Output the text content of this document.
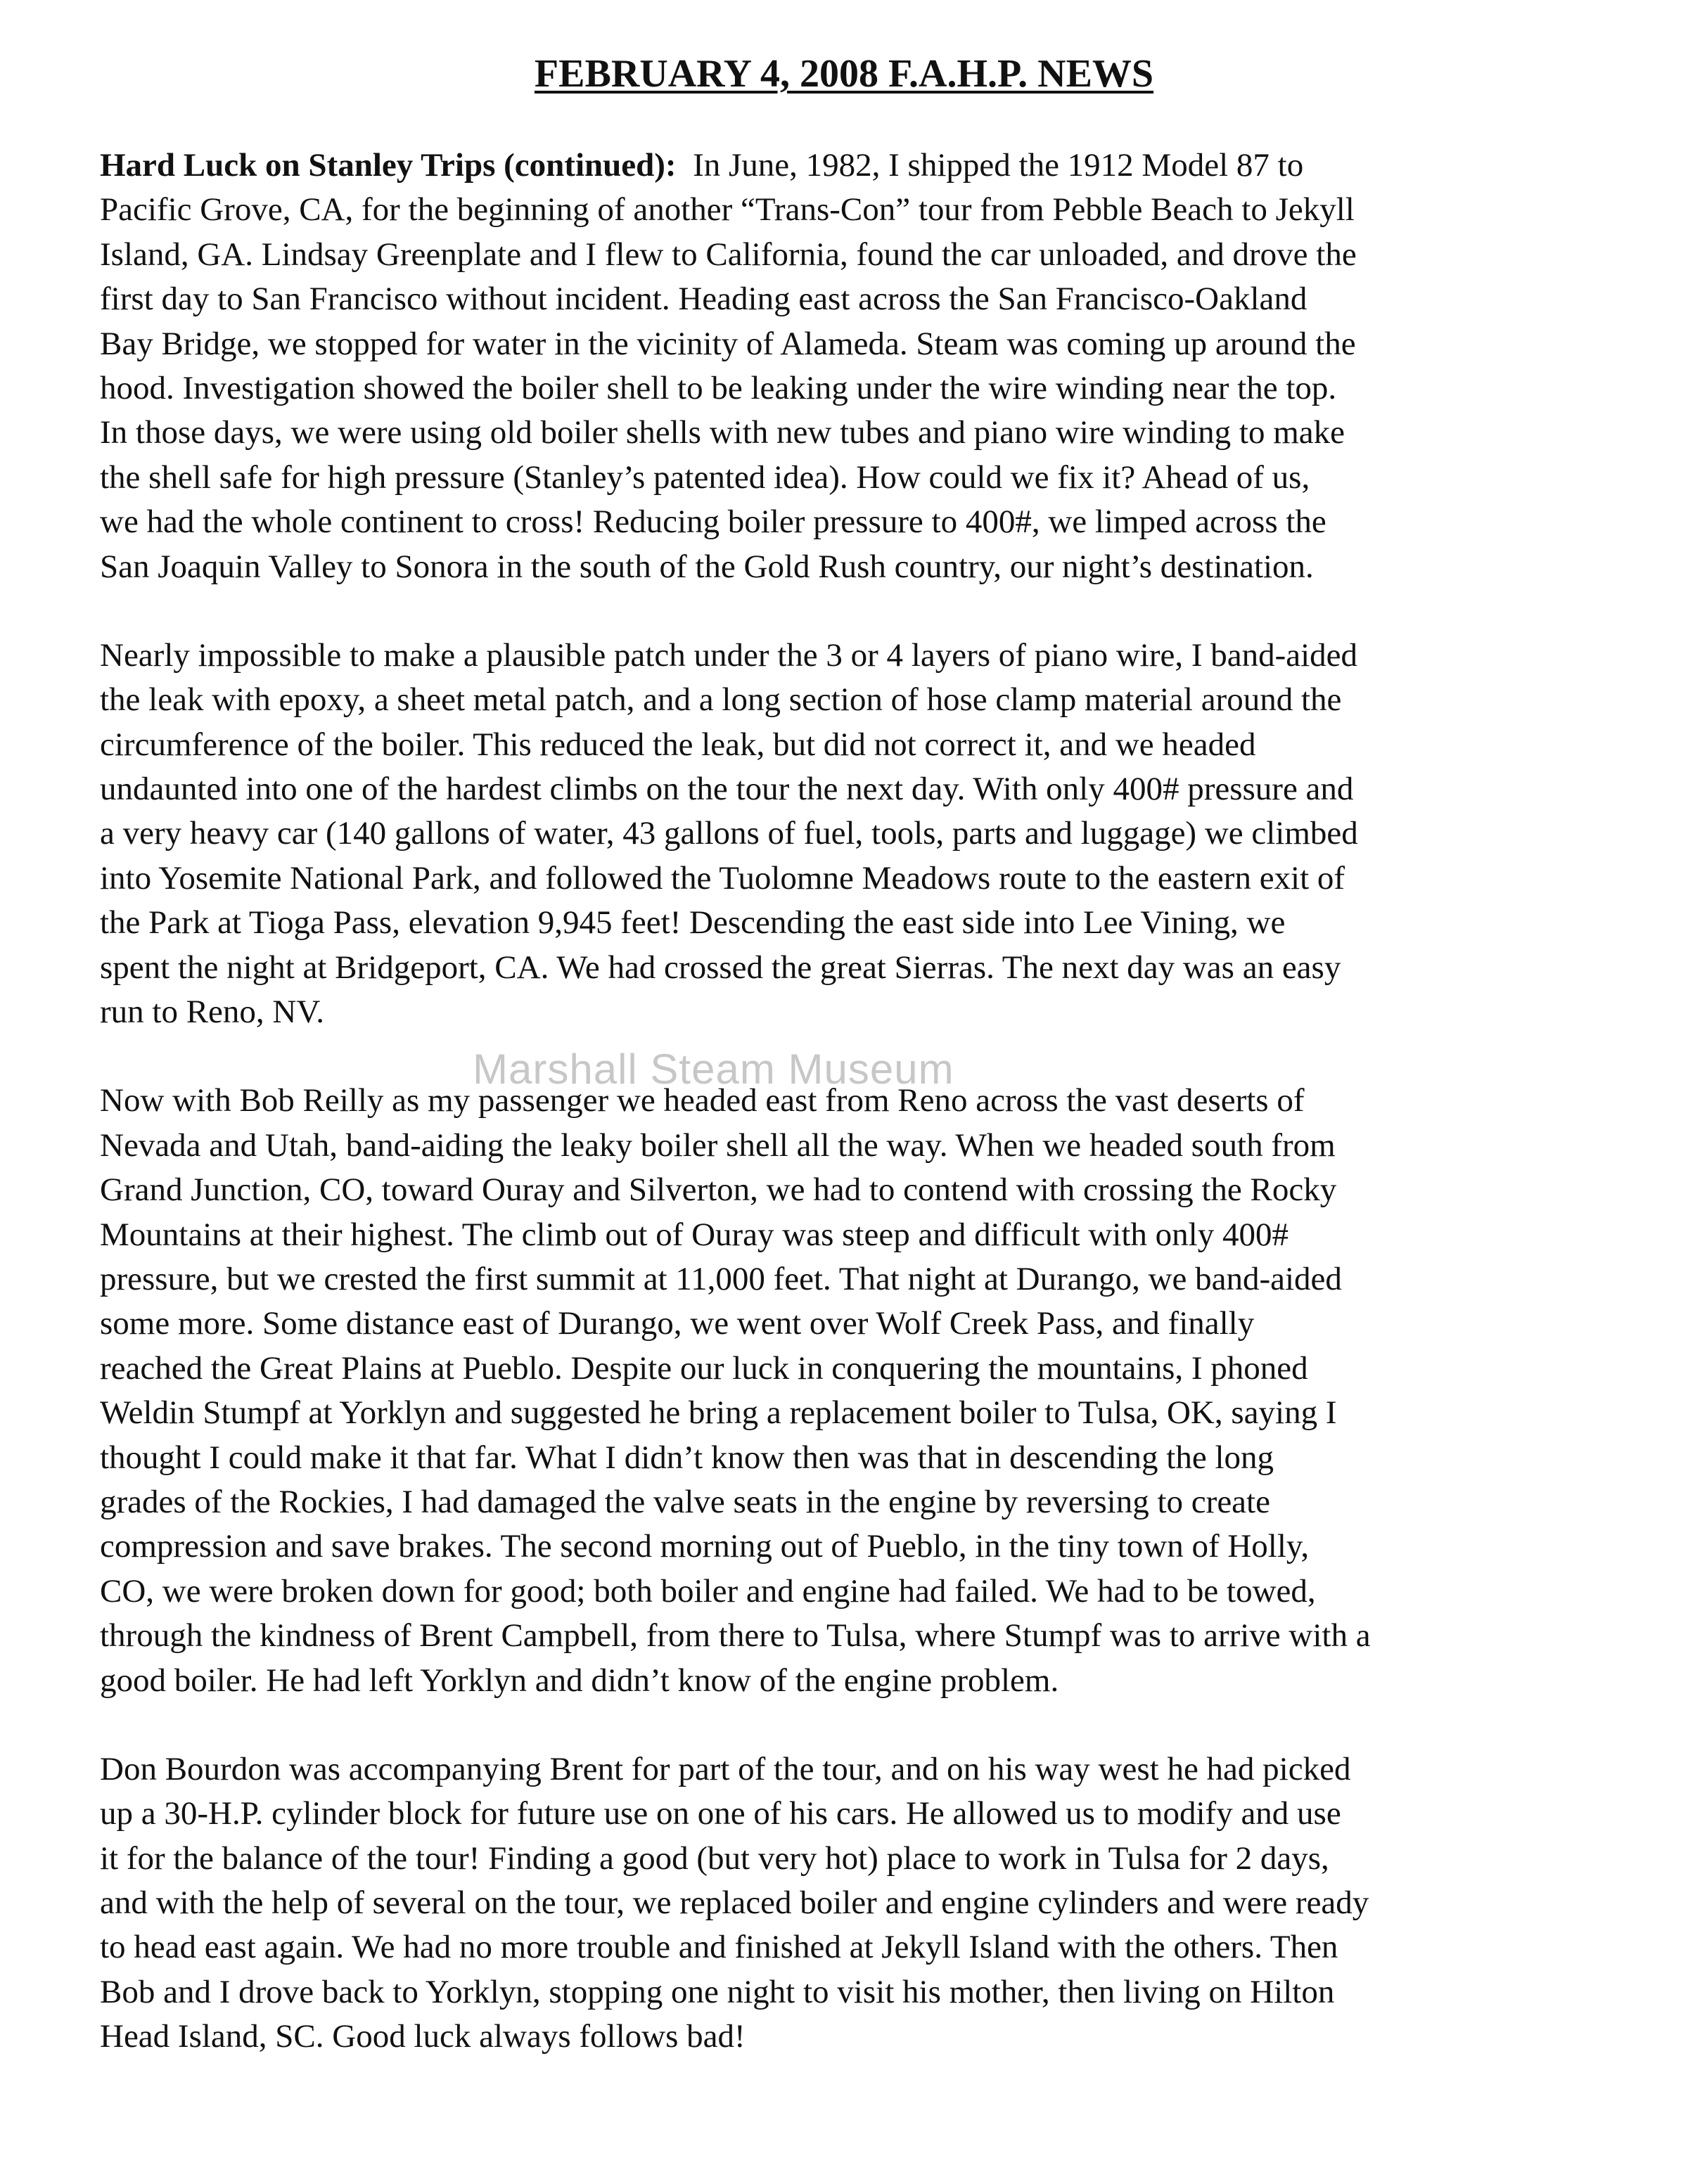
FEBRUARY 4, 2008 F.A.H.P. NEWS
Hard Luck on Stanley Trips (continued): In June, 1982, I shipped the 1912 Model 87 to
Pacific Grove, CA, for the beginning of another “Trans-Con” tour from Pebble Beach to Jekyll
Island, GA. Lindsay Greenplate and I flew to California, found the car unloaded, and drove the
first day to San Francisco without incident. Heading east across the San Francisco-Oakland
Bay Bridge, we stopped for water in the vicinity of Alameda. Steam was coming up around the
hood. Investigation showed the boiler shell to be leaking under the wire winding near the top.
In those days, we were using old boiler shells with new tubes and piano wire winding to make
the shell safe for high pressure (Stanley’s patented idea). How could we fix it? Ahead of us,
we had the whole continent to cross! Reducing boiler pressure to 400#, we limped across the
San Joaquin Valley to Sonora in the south of the Gold Rush country, our night’s destination.
Nearly impossible to make a plausible patch under the 3 or 4 layers of piano wire, I band-aided
the leak with epoxy, a sheet metal patch, and a long section of hose clamp material around the
circumference of the boiler. This reduced the leak, but did not correct it, and we headed
undaunted into one of the hardest climbs on the tour the next day. With only 400# pressure and
a very heavy car (140 gallons of water, 43 gallons of fuel, tools, parts and luggage) we climbed
into Yosemite National Park, and followed the Tuolomne Meadows route to the eastern exit of
the Park at Tioga Pass, elevation 9,945 feet! Descending the east side into Lee Vining, we
spent the night at Bridgeport, CA. We had crossed the great Sierras. The next day was an easy
run to Reno, NV.
Now with Bob Reilly as my passenger we headed east from Reno across the vast deserts of
Nevada and Utah, band-aiding the leaky boiler shell all the way. When we headed south from
Grand Junction, CO, toward Ouray and Silverton, we had to contend with crossing the Rocky
Mountains at their highest. The climb out of Ouray was steep and difficult with only 400#
pressure, but we crested the first summit at 11,000 feet. That night at Durango, we band-aided
some more. Some distance east of Durango, we went over Wolf Creek Pass, and finally
reached the Great Plains at Pueblo. Despite our luck in conquering the mountains, I phoned
Weldin Stumpf at Yorklyn and suggested he bring a replacement boiler to Tulsa, OK, saying I
thought I could make it that far. What I didn’t know then was that in descending the long
grades of the Rockies, I had damaged the valve seats in the engine by reversing to create
compression and save brakes. The second morning out of Pueblo, in the tiny town of Holly,
CO, we were broken down for good; both boiler and engine had failed. We had to be towed,
through the kindness of Brent Campbell, from there to Tulsa, where Stumpf was to arrive with a
good boiler. He had left Yorklyn and didn’t know of the engine problem.
Don Bourdon was accompanying Brent for part of the tour, and on his way west he had picked
up a 30-H.P. cylinder block for future use on one of his cars. He allowed us to modify and use
it for the balance of the tour! Finding a good (but very hot) place to work in Tulsa for 2 days,
and with the help of several on the tour, we replaced boiler and engine cylinders and were ready
to head east again. We had no more trouble and finished at Jekyll Island with the others. Then
Bob and I drove back to Yorklyn, stopping one night to visit his mother, then living on Hilton
Head Island, SC. Good luck always follows bad!
Marshall Steam Museum
